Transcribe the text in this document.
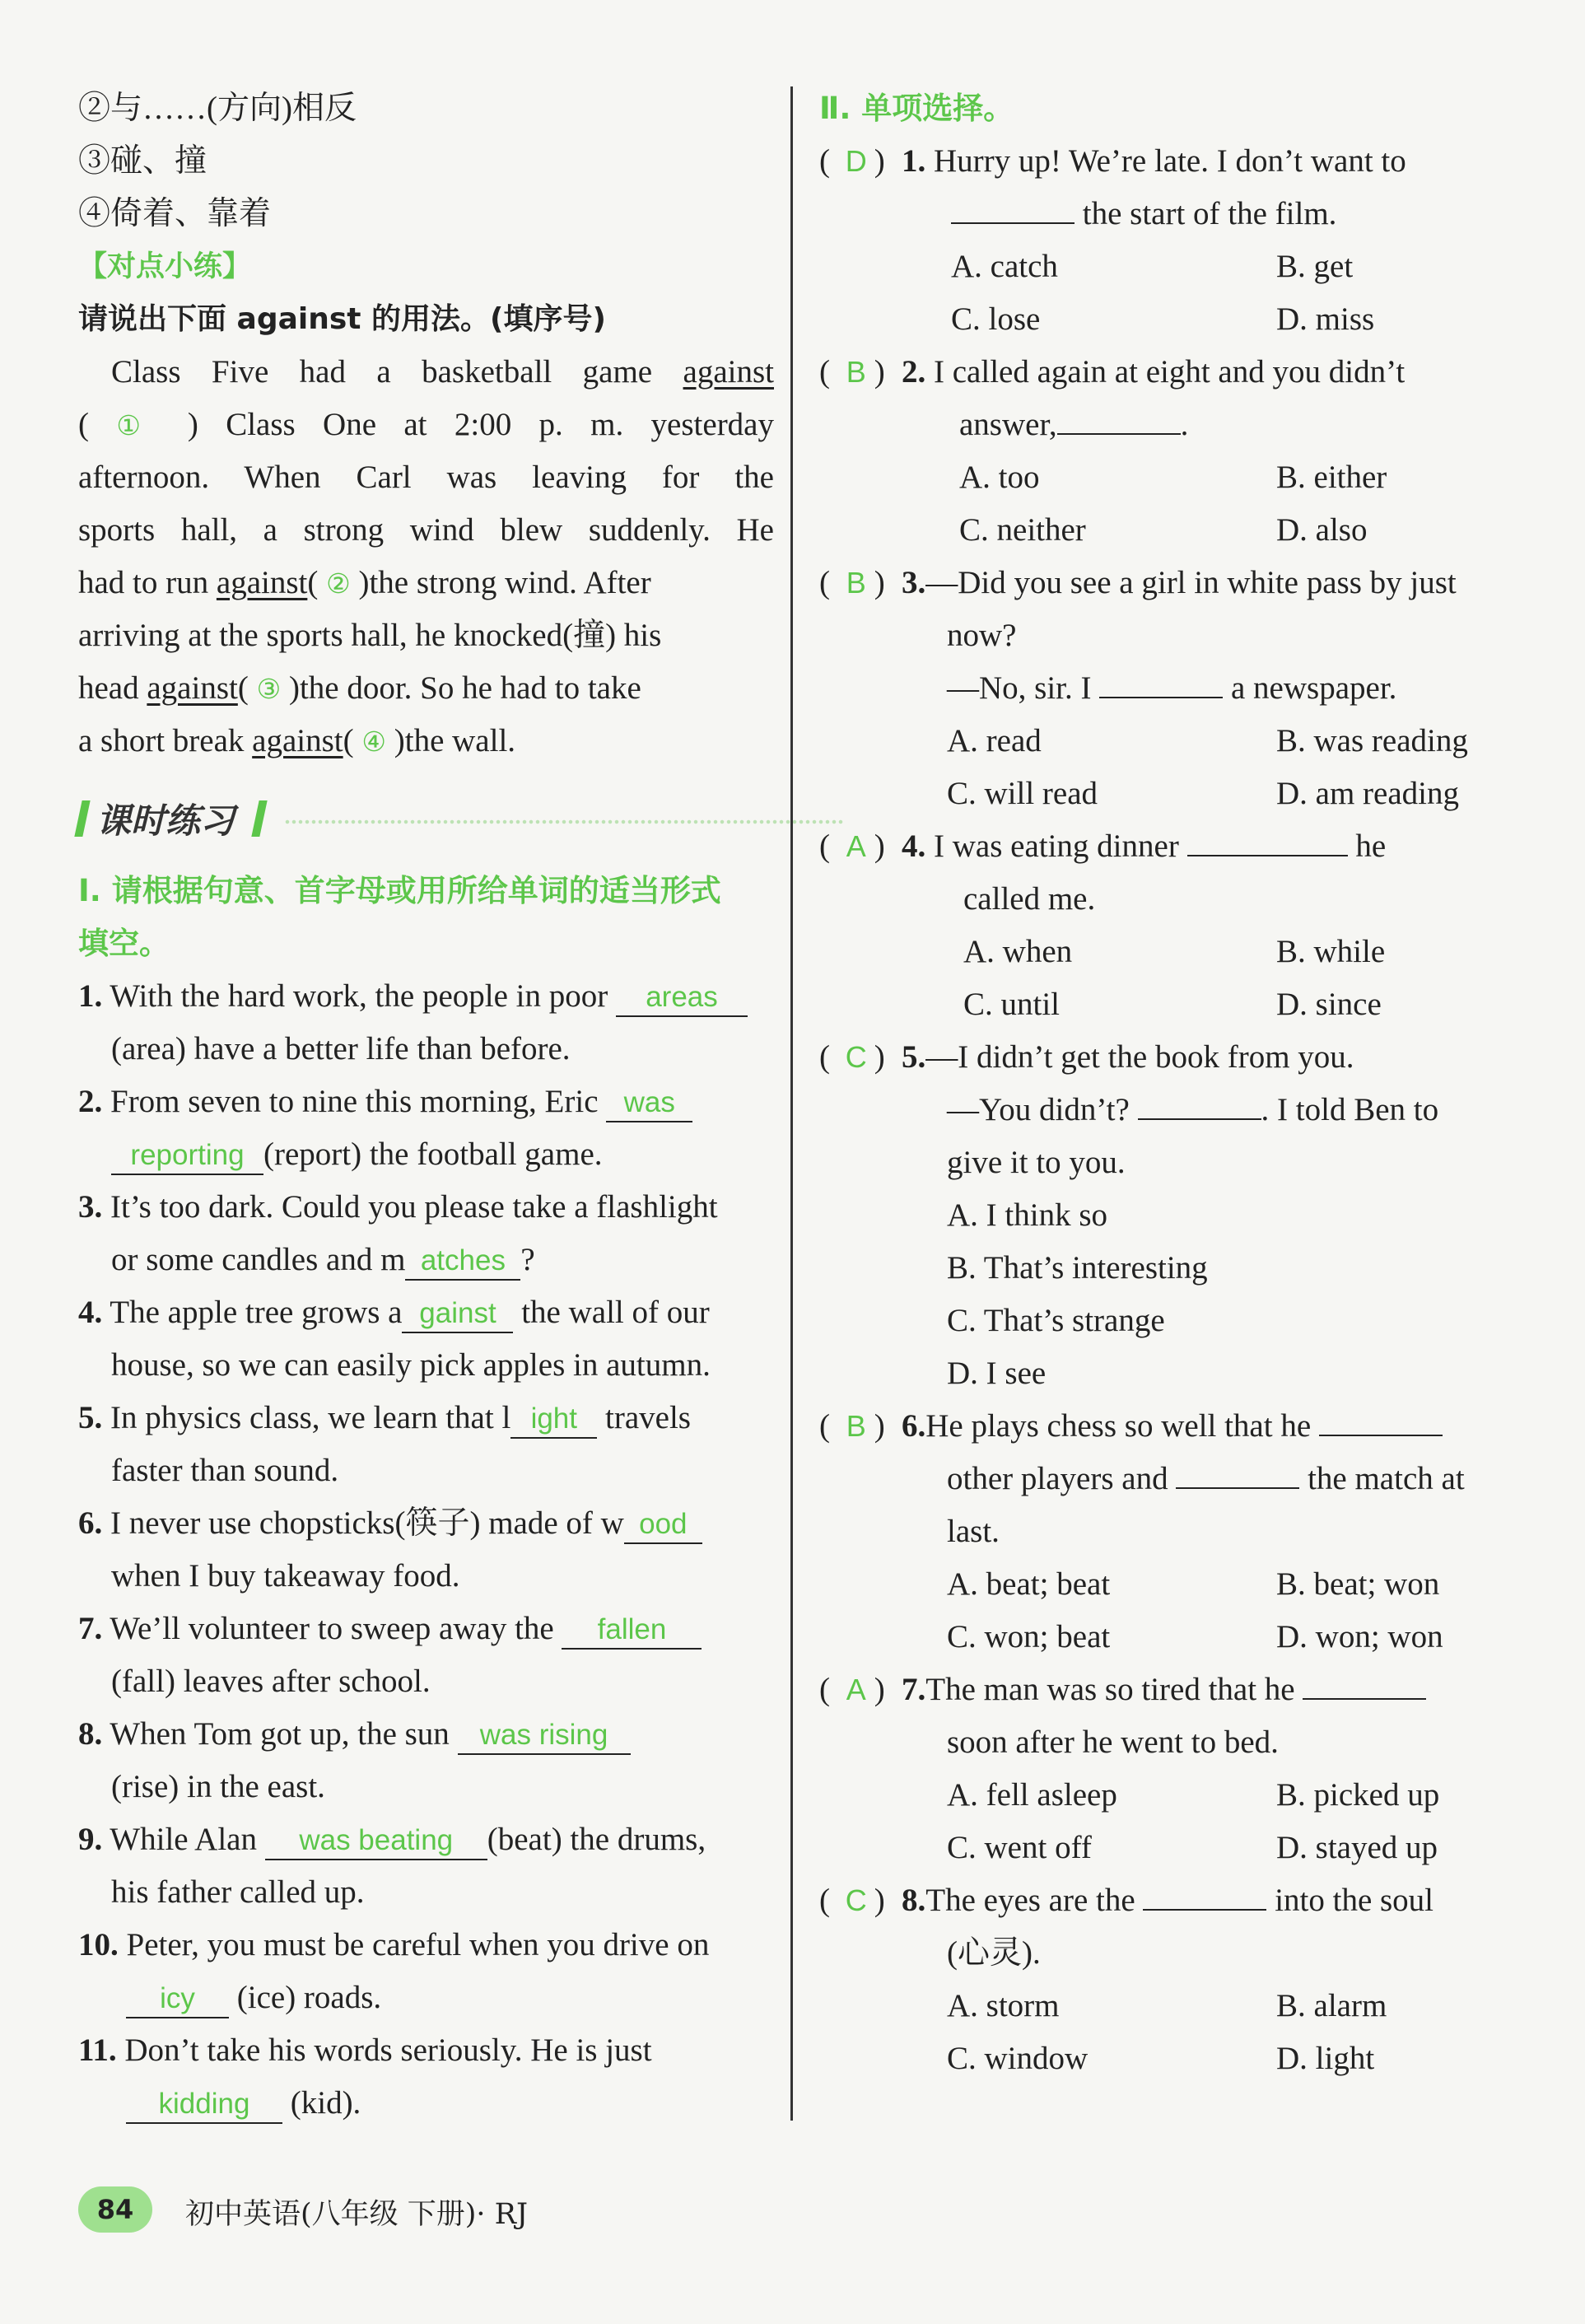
②与……(方向)相反
③碰、撞
④倚着、靠着
【对点小练】
请说出下面 against 的用法。(填序号)
Class Five had a basketball game against
( ① ) Class One at 2:00 p. m. yesterday
afternoon. When Carl was leaving for the
sports hall, a strong wind blew suddenly. He
had to run against( ② )the strong wind. After
arriving at the sports hall, he knocked(撞) his
head against( ③ )the door. So he had to take
a short break against( ④ )the wall.
课时练习
Ⅰ. 请根据句意、首字母或用所给单词的适当形式
填空。
1. With the hard work, the people in poor areas
(area) have a better life than before.
2. From seven to nine this morning, Eric was
reporting (report) the football game.
3. It’s too dark. Could you please take a flashlight
or some candles and m atches ?
4. The apple tree grows a gainst the wall of our
house, so we can easily pick apples in autumn.
5. In physics class, we learn that l ight travels
faster than sound.
6. I never use chopsticks(筷子) made of w ood
when I buy takeaway food.
7. We’ll volunteer to sweep away the fallen
(fall) leaves after school.
8. When Tom got up, the sun was rising
(rise) in the east.
9. While Alan was beating (beat) the drums,
his father called up.
10. Peter, you must be careful when you drive on
icy (ice) roads.
11. Don’t take his words seriously. He is just
kidding (kid).
Ⅱ. 单项选择。
( D ) 1. Hurry up! We’re late. I don’t want to
the start of the film.
A. catch	B. get
C. lose	D. miss
( B ) 2. I called again at eight and you didn’t
answer,	.
A. too	B. either
C. neither	D. also
( B ) 3.—Did you see a girl in white pass by just
now?
—No, sir. I	a newspaper.
A. read	B. was reading
C. will read	D. am reading
( A ) 4. I was eating dinner	he
called me.
A. when	B. while
C. until	D. since
( C ) 5.—I didn’t get the book from you.
—You didn’t?	. I told Ben to
give it to you.
A. I think so
B. That’s interesting
C. That’s strange
D. I see
( B ) 6.He plays chess so well that he
other players and	the match at
last.
A. beat; beat	B. beat; won
C. won; beat	D. won; won
( A ) 7.The man was so tired that he
soon after he went to bed.
A. fell asleep	B. picked up
C. went off	D. stayed up
( C ) 8.The eyes are the	into the soul
(心灵).
A. storm	B. alarm
C. window	D. light
84	初中英语(八年级 下册)· RJ
